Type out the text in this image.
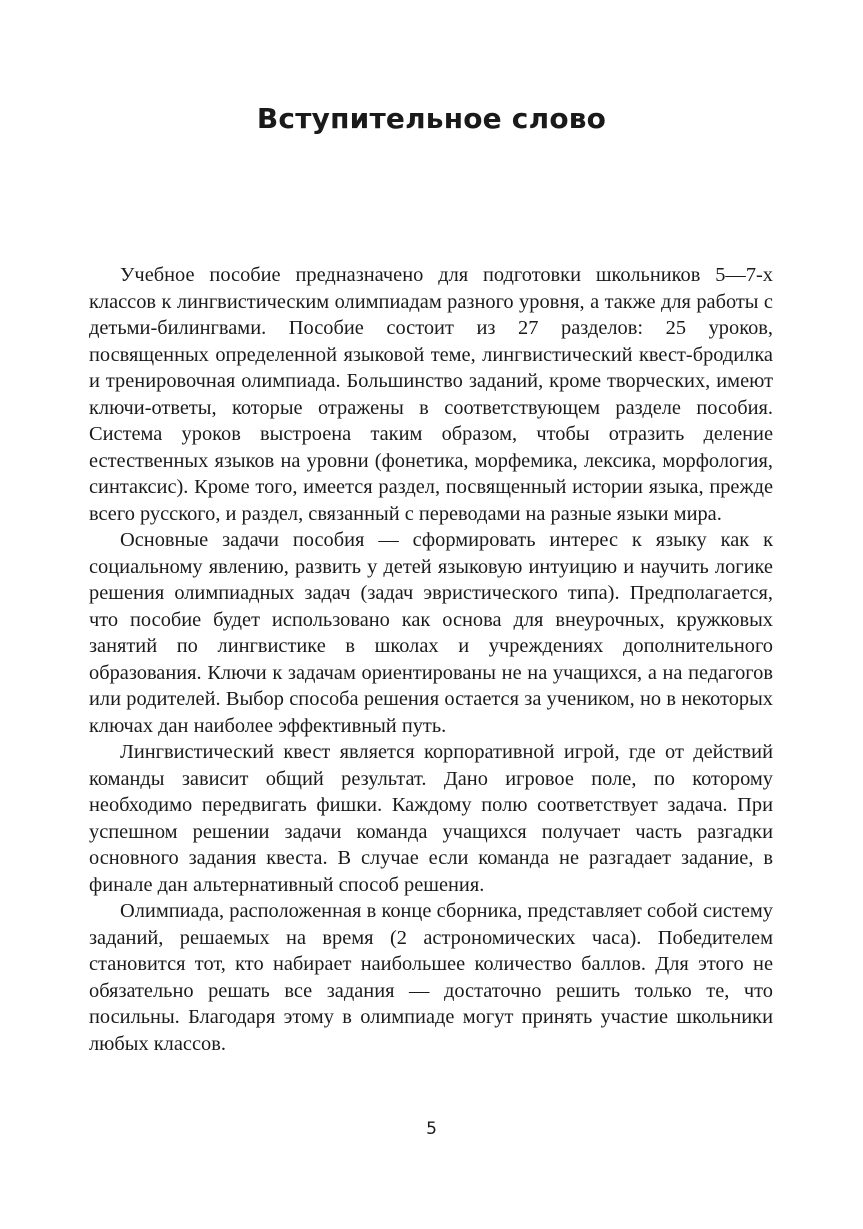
Вступительное слово

Учебное пособие предназначено для подготовки школьников 5—7-х классов к лингвистическим олимпиадам разного уровня, а также для работы с детьми-билингвами. Пособие состоит из 27 разделов: 25 уроков, посвященных определенной языковой теме, лингвистический квест-бродилка и тренировочная олимпиада. Большинство заданий, кроме творческих, имеют ключи-ответы, которые отражены в соответствующем разделе пособия. Система уроков выстроена таким образом, чтобы отразить деление естественных языков на уровни (фонетика, морфемика, лексика, морфология, синтаксис). Кроме того, имеется раздел, посвященный истории языка, прежде всего русского, и раздел, связанный с переводами на разные языки мира.

Основные задачи пособия — сформировать интерес к языку как к социальному явлению, развить у детей языковую интуицию и научить логике решения олимпиадных задач (задач эвристического типа). Предполагается, что пособие будет использовано как основа для внеурочных, кружковых занятий по лингвистике в школах и учреждениях дополнительного образования. Ключи к задачам ориентированы не на учащихся, а на педагогов или родителей. Выбор способа решения остается за учеником, но в некоторых ключах дан наиболее эффективный путь.

Лингвистический квест является корпоративной игрой, где от действий команды зависит общий результат. Дано игровое поле, по которому необходимо передвигать фишки. Каждому полю соответствует задача. При успешном решении задачи команда учащихся получает часть разгадки основного задания квеста. В случае если команда не разгадает задание, в финале дан альтернативный способ решения.

Олимпиада, расположенная в конце сборника, представляет собой систему заданий, решаемых на время (2 астрономических часа). Победителем становится тот, кто набирает наибольшее количество баллов. Для этого не обязательно решать все задания — достаточно решить только те, что посильны. Благодаря этому в олимпиаде могут принять участие школьники любых классов.

5
